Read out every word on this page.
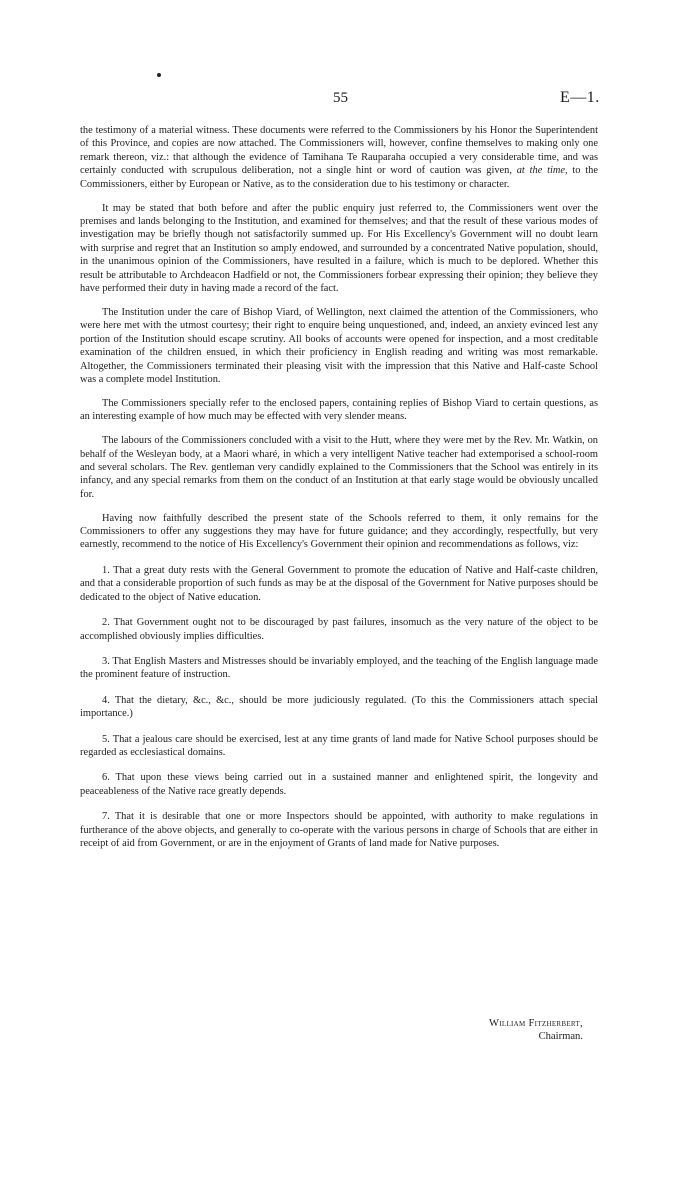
55	E—1.

the testimony of a material witness. These documents were referred to the Commissioners by his Honor the Superintendent of this Province, and copies are now attached. The Commissioners will, however, confine themselves to making only one remark thereon, viz.: that although the evidence of Tamihana Te Rauparaha occupied a very considerable time, and was certainly conducted with scrupulous deliberation, not a single hint or word of caution was given, at the time, to the Commissioners, either by European or Native, as to the consideration due to his testimony or character.

It may be stated that both before and after the public enquiry just referred to, the Commissioners went over the premises and lands belonging to the Institution, and examined for themselves; and that the result of these various modes of investigation may be briefly though not satisfactorily summed up. For His Excellency's Government will no doubt learn with surprise and regret that an Institution so amply endowed, and surrounded by a concentrated Native population, should, in the unanimous opinion of the Commissioners, have resulted in a failure, which is much to be deplored. Whether this result be attributable to Archdeacon Hadfield or not, the Commissioners forbear expressing their opinion; they believe they have performed their duty in having made a record of the fact.

The Institution under the care of Bishop Viard, of Wellington, next claimed the attention of the Commissioners, who were here met with the utmost courtesy; their right to enquire being unquestioned, and, indeed, an anxiety evinced lest any portion of the Institution should escape scrutiny. All books of accounts were opened for inspection, and a most creditable examination of the children ensued, in which their proficiency in English reading and writing was most remarkable. Altogether, the Commissioners terminated their pleasing visit with the impression that this Native and Half-caste School was a complete model Institution.

The Commissioners specially refer to the enclosed papers, containing replies of Bishop Viard to certain questions, as an interesting example of how much may be effected with very slender means.

The labours of the Commissioners concluded with a visit to the Hutt, where they were met by the Rev. Mr. Watkin, on behalf of the Wesleyan body, at a Maori wharé, in which a very intelligent Native teacher had extemporised a school-room and several scholars. The Rev. gentleman very candidly explained to the Commissioners that the School was entirely in its infancy, and any special remarks from them on the conduct of an Institution at that early stage would be obviously uncalled for.

Having now faithfully described the present state of the Schools referred to them, it only remains for the Commissioners to offer any suggestions they may have for future guidance; and they accordingly, respectfully, but very earnestly, recommend to the notice of His Excellency's Government their opinion and recommendations as follows, viz:

1. That a great duty rests with the General Government to promote the education of Native and Half-caste children, and that a considerable proportion of such funds as may be at the disposal of the Government for Native purposes should be dedicated to the object of Native education.

2. That Government ought not to be discouraged by past failures, insomuch as the very nature of the object to be accomplished obviously implies difficulties.

3. That English Masters and Mistresses should be invariably employed, and the teaching of the English language made the prominent feature of instruction.

4. That the dietary, &c., &c., should be more judiciously regulated. (To this the Commissioners attach special importance.)

5. That a jealous care should be exercised, lest at any time grants of land made for Native School purposes should be regarded as ecclesiastical domains.

6. That upon these views being carried out in a sustained manner and enlightened spirit, the longevity and peaceableness of the Native race greatly depends.

7. That it is desirable that one or more Inspectors should be appointed, with authority to make regulations in furtherance of the above objects, and generally to co-operate with the various persons in charge of Schools that are either in receipt of aid from Government, or are in the enjoyment of Grants of land made for Native purposes.

William Fitzherbert,
Chairman.
